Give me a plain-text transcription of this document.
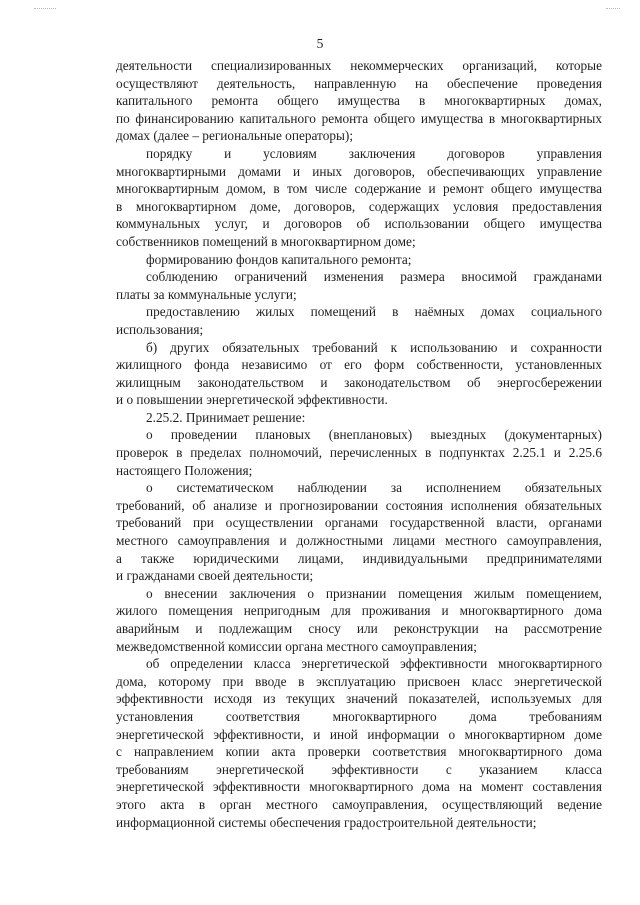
5
деятельности специализированных некоммерческих организаций, которые
осуществляют деятельность, направленную на обеспечение проведения
капитального ремонта общего имущества в многоквартирных домах,
по финансированию капитального ремонта общего имущества в многоквартирных
домах (далее – региональные операторы);
порядку и условиям заключения договоров управления
многоквартирными домами и иных договоров, обеспечивающих управление
многоквартирным домом, в том числе содержание и ремонт общего имущества
в многоквартирном доме, договоров, содержащих условия предоставления
коммунальных услуг, и договоров об использовании общего имущества
собственников помещений в многоквартирном доме;
формированию фондов капитального ремонта;
соблюдению ограничений изменения размера вносимой гражданами
платы за коммунальные услуги;
предоставлению жилых помещений в наёмных домах социального
использования;
б) других обязательных требований к использованию и сохранности
жилищного фонда независимо от его форм собственности, установленных
жилищным законодательством и законодательством об энергосбережении
и о повышении энергетической эффективности.
2.25.2. Принимает решение:
о проведении плановых (внеплановых) выездных (документарных)
проверок в пределах полномочий, перечисленных в подпунктах 2.25.1 и 2.25.6
настоящего Положения;
о систематическом наблюдении за исполнением обязательных
требований, об анализе и прогнозировании состояния исполнения обязательных
требований при осуществлении органами государственной власти, органами
местного самоуправления и должностными лицами местного самоуправления,
а также юридическими лицами, индивидуальными предпринимателями
и гражданами своей деятельности;
о внесении заключения о признании помещения жилым помещением,
жилого помещения непригодным для проживания и многоквартирного дома
аварийным и подлежащим сносу или реконструкции на рассмотрение
межведомственной комиссии органа местного самоуправления;
об определении класса энергетической эффективности многоквартирного
дома, которому при вводе в эксплуатацию присвоен класс энергетической
эффективности исходя из текущих значений показателей, используемых для
установления соответствия многоквартирного дома требованиям
энергетической эффективности, и иной информации о многоквартирном доме
с направлением копии акта проверки соответствия многоквартирного дома
требованиям энергетической эффективности с указанием класса
энергетической эффективности многоквартирного дома на момент составления
этого акта в орган местного самоуправления, осуществляющий ведение
информационной системы обеспечения градостроительной деятельности;
